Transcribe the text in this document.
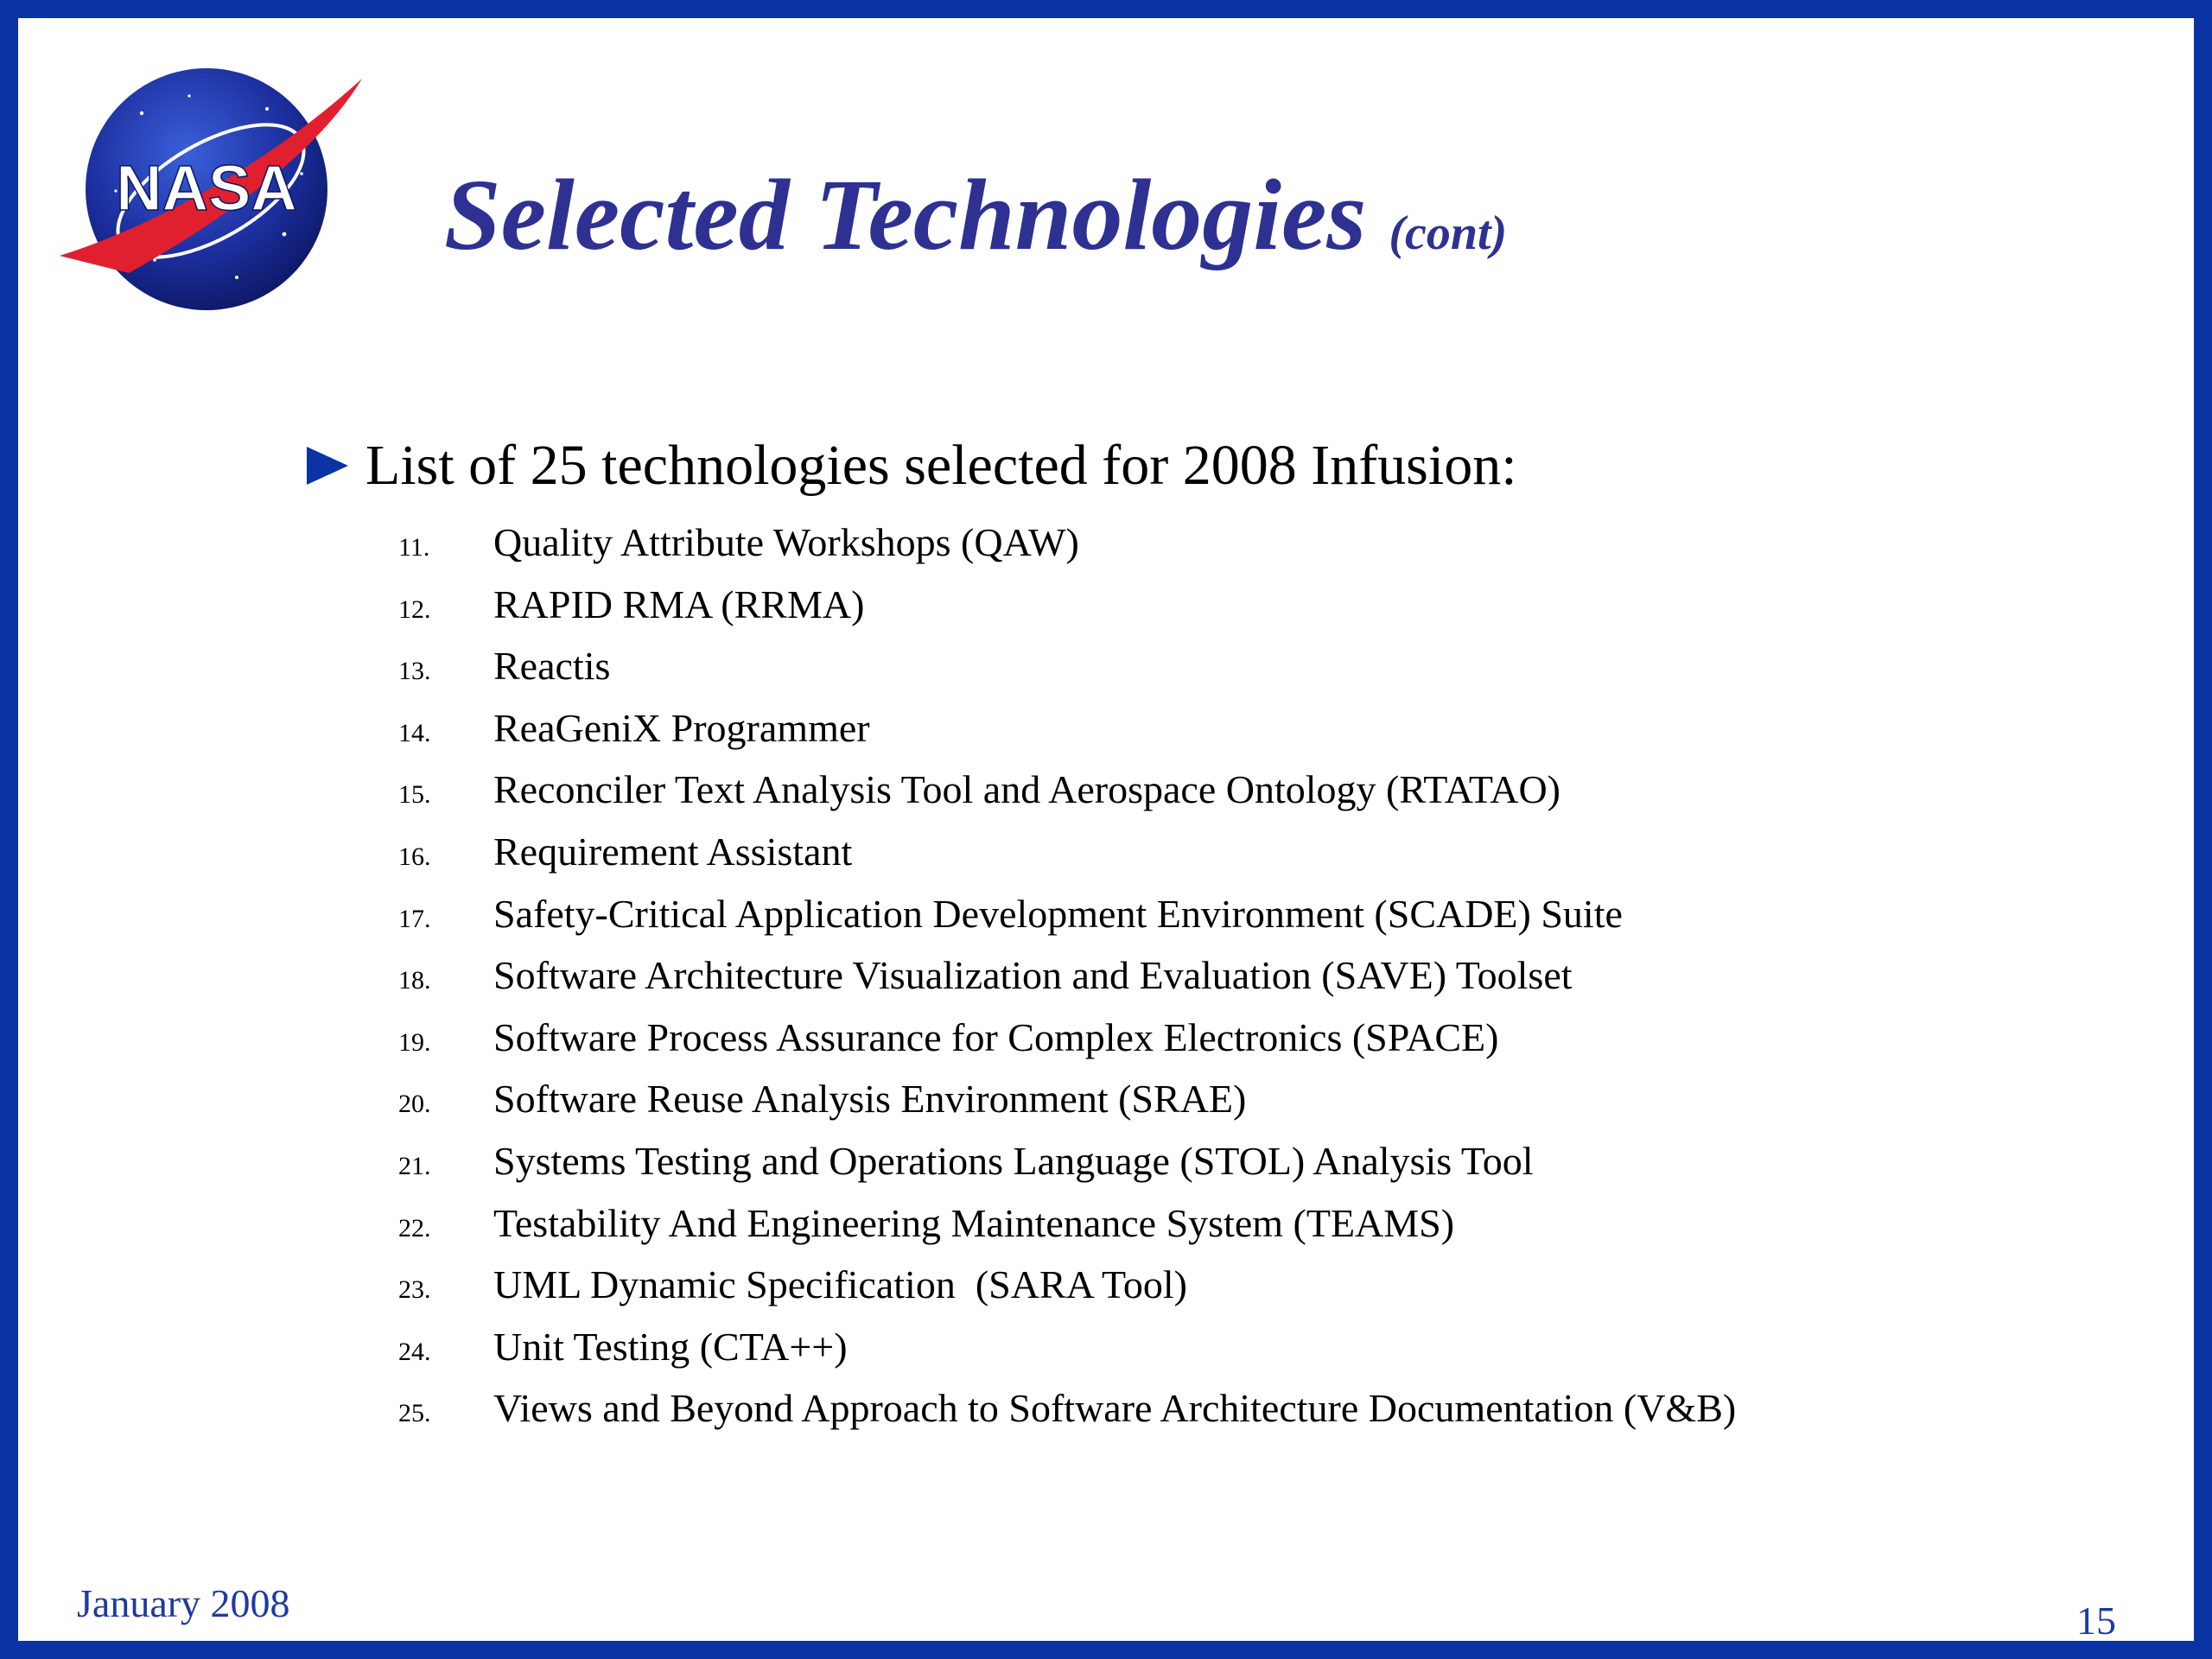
NASA Selected Technologies (cont)
List of 25 technologies selected for 2008 Infusion:
11.	Quality Attribute Workshops (QAW)
12.	RAPID RMA (RRMA)
13.	Reactis
14.	ReaGeniX Programmer
15.	Reconciler Text Analysis Tool and Aerospace Ontology (RTATAO)
16.	Requirement Assistant
17.	Safety-Critical Application Development Environment (SCADE) Suite
18.	Software Architecture Visualization and Evaluation (SAVE) Toolset
19.	Software Process Assurance for Complex Electronics (SPACE)
20.	Software Reuse Analysis Environment (SRAE)
21.	Systems Testing and Operations Language (STOL) Analysis Tool
22.	Testability And Engineering Maintenance System (TEAMS)
23.	UML Dynamic Specification  (SARA Tool)
24.	Unit Testing (CTA++)
25.	Views and Beyond Approach to Software Architecture Documentation (V&B)
January 2008	15
